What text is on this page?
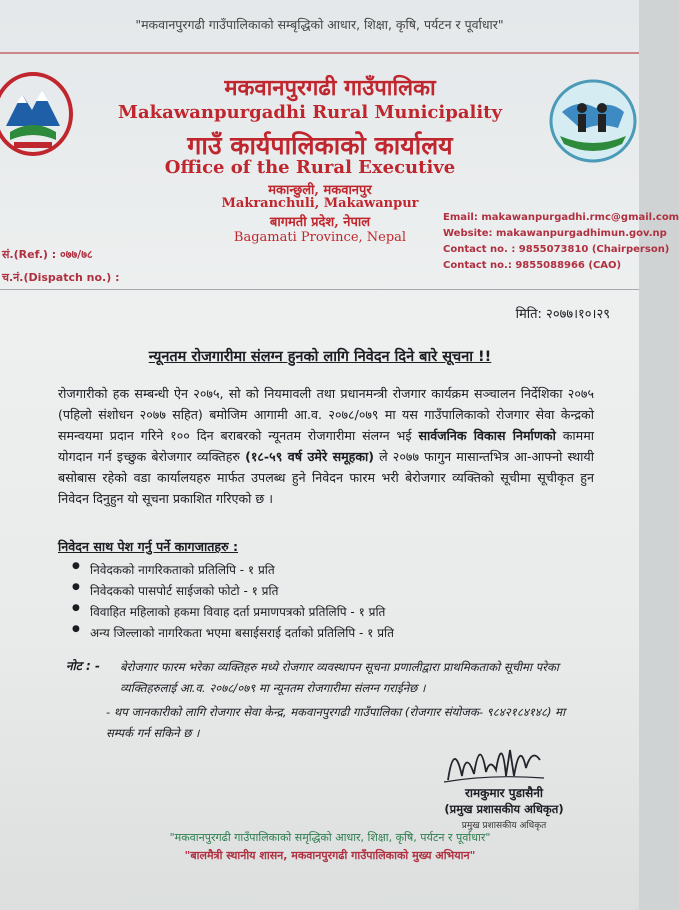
"मकवानपुरगढी गाउँपालिकाको सम्बृद्धिको आधार, शिक्षा, कृषि, पर्यटन र पूर्वाधार"
मकवानपुरगढी गाउँपालिका
Makawanpurgadhi Rural Municipality
गाउँ कार्यपालिकाको कार्यालय
Office of the Rural Executive
मकान्छुली, मकवानपुर
Makranchuli, Makawanpur
बागमती प्रदेश, नेपाल
Bagamati Province, Nepal
Email: makawanpurgadhi.rmc@gmail.com
Website: makawanpurgadhimun.gov.np
Contact no. : 9855073810 (Chairperson)
Contact no.: 9855088966 (CAO)
सं.(Ref.) : ०७७/७८
च.नं.(Dispatch no.) :
मिति: २०७७।१०।२९
न्यूनतम रोजगारीमा संलग्न हुनको लागि निवेदन दिने बारे सूचना !!
रोजगारीको हक सम्बन्धी ऐन २०७५, सो को नियमावली तथा प्रधानमन्त्री रोजगार कार्यक्रम सञ्चालन निर्देशिका २०७५ (पहिलो संशोधन २०७७ सहित) बमोजिम आगामी आ.व. २०७८/०७९ मा यस गाउँपालिकाको रोजगार सेवा केन्द्रको समन्वयमा प्रदान गरिने १०० दिन बराबरको न्यूनतम रोजगारीमा संलग्न भई सार्वजनिक विकास निर्माणको काममा योगदान गर्न इच्छुक बेरोजगार व्यक्तिहरु (१८-५९ वर्ष उमेरे समूहका) ले २०७७ फागुन मासान्तभित्र आ-आफ्नो स्थायी बसोबास रहेको वडा कार्यालयहरु मार्फत उपलब्ध हुने निवेदन फारम भरी बेरोजगार व्यक्तिको सूचीमा सूचीकृत हुन निवेदन दिनुहुन यो सूचना प्रकाशित गरिएको छ ।
निवेदन साथ पेश गर्नु पर्ने कागजातहरु :
● निवेदकको नागरिकताको प्रतिलिपि - १ प्रति
● निवेदकको पासपोर्ट साईजको फोटो - १ प्रति
● विवाहित महिलाको हकमा विवाह दर्ता प्रमाणपत्रको प्रतिलिपि - १ प्रति
● अन्य जिल्लाको नागरिकता भएमा बसाईसराई दर्ताको प्रतिलिपि - १ प्रति
नोट : - बेरोजगार फारम भरेका व्यक्तिहरु मध्ये रोजगार व्यवस्थापन सूचना प्रणालीद्वारा प्राथमिकताको सूचीमा परेका व्यक्तिहरुलाई आ.व. २०७८/०७९ मा न्यूनतम रोजगारीमा संलग्न गराईनेछ ।
- थप जानकारीको लागि रोजगार सेवा केन्द्र, मकवानपुरगढी गाउँपालिका (रोजगार संयोजक- ९८४२१८४१४८) मा सम्पर्क गर्न सकिने छ ।
रामकुमार पुडासैनी
(प्रमुख प्रशासकीय अधिकृत)
प्रमुख प्रशासकीय अधिकृत
"मकवानपुरगढी गाउँपालिकाको समृद्धिको आधार, शिक्षा, कृषि, पर्यटन र पूर्वाधार"
"बालमैत्री स्थानीय शासन, मकवानपुरगढी गाउँपालिकाको मुख्य अभियान"
